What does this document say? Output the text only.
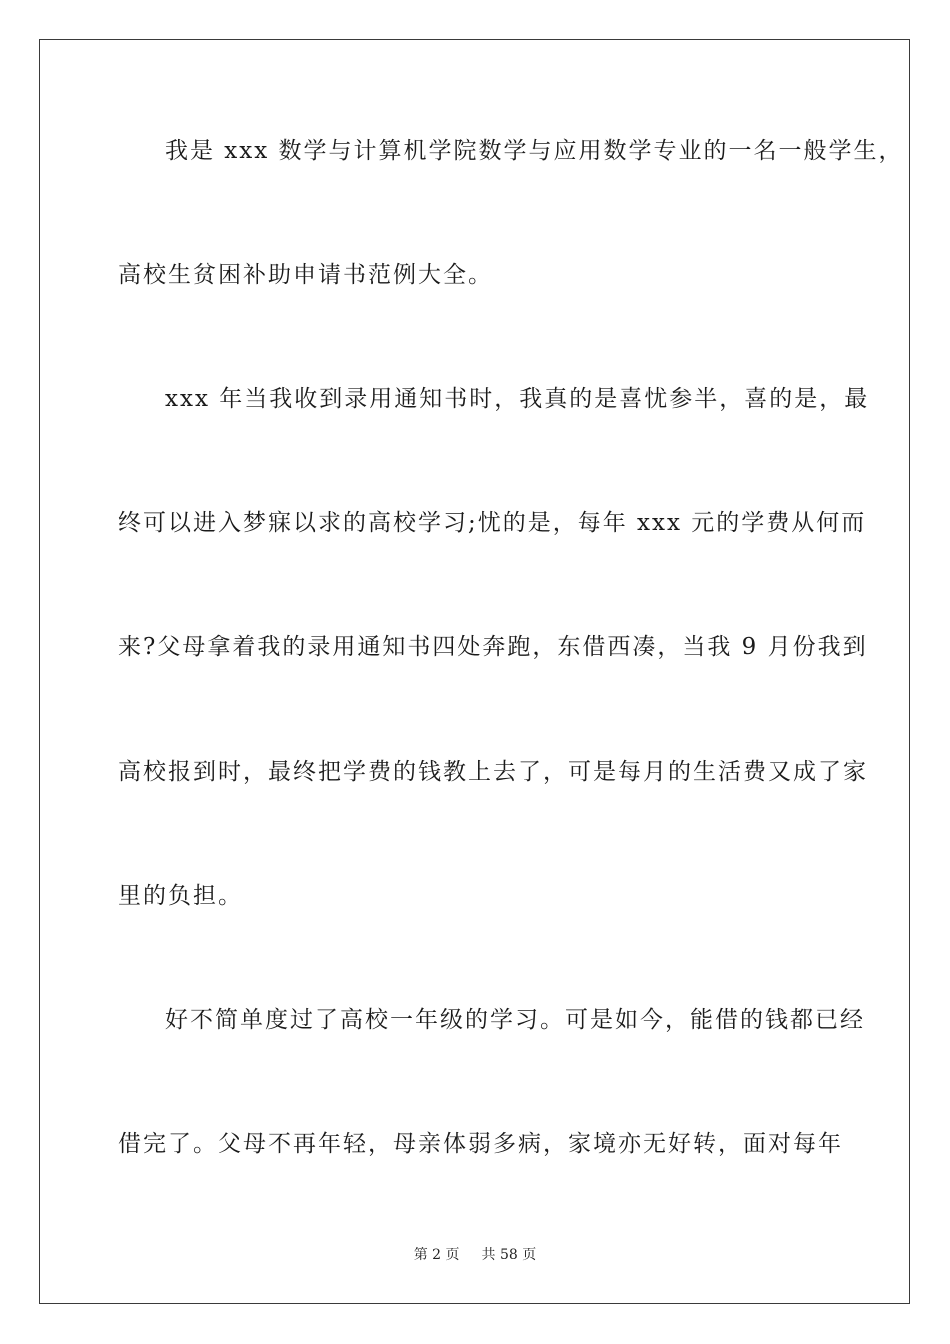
我是 xxx 数学与计算机学院数学与应用数学专业的一名一般学生，
高校生贫困补助申请书范例大全。
xxx 年当我收到录用通知书时，我真的是喜忧参半，喜的是，最
终可以进入梦寐以求的高校学习;忧的是，每年 xxx 元的学费从何而
来?父母拿着我的录用通知书四处奔跑，东借西凑，当我 9 月份我到
高校报到时，最终把学费的钱教上去了，可是每月的生活费又成了家
里的负担。
好不简单度过了高校一年级的学习。可是如今，能借的钱都已经
借完了。父母不再年轻，母亲体弱多病，家境亦无好转，面对每年
第 2 页 共 58 页
